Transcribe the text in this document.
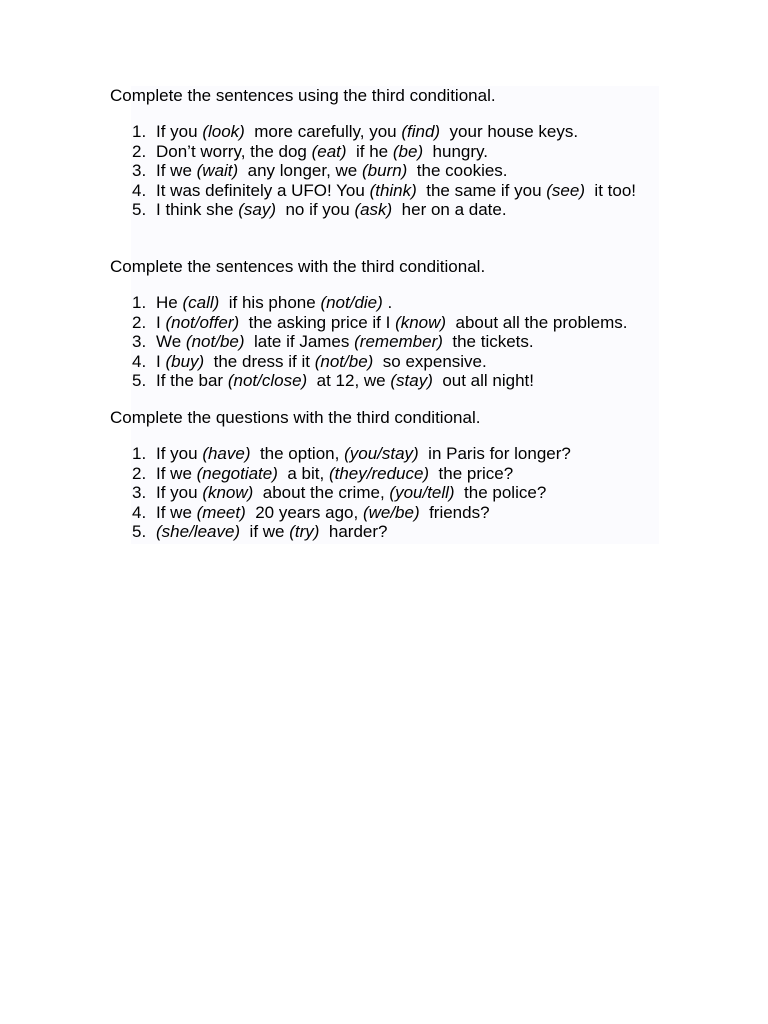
Complete the sentences using the third conditional.
1. If you (look)  more carefully, you (find)  your house keys.
2. Don’t worry, the dog (eat)  if he (be)  hungry.
3. If we (wait)  any longer, we (burn)  the cookies.
4. It was definitely a UFO! You (think)  the same if you (see)  it too!
5. I think she (say)  no if you (ask)  her on a date.
Complete the sentences with the third conditional.
1. He (call)  if his phone (not/die) .
2. I (not/offer)  the asking price if I (know)  about all the problems.
3. We (not/be)  late if James (remember)  the tickets.
4. I (buy)  the dress if it (not/be)  so expensive.
5. If the bar (not/close)  at 12, we (stay)  out all night!
Complete the questions with the third conditional.
1. If you (have)  the option, (you/stay)  in Paris for longer?
2. If we (negotiate)  a bit, (they/reduce)  the price?
3. If you (know)  about the crime, (you/tell)  the police?
4. If we (meet)  20 years ago, (we/be)  friends?
5. (she/leave)  if we (try)  harder?
